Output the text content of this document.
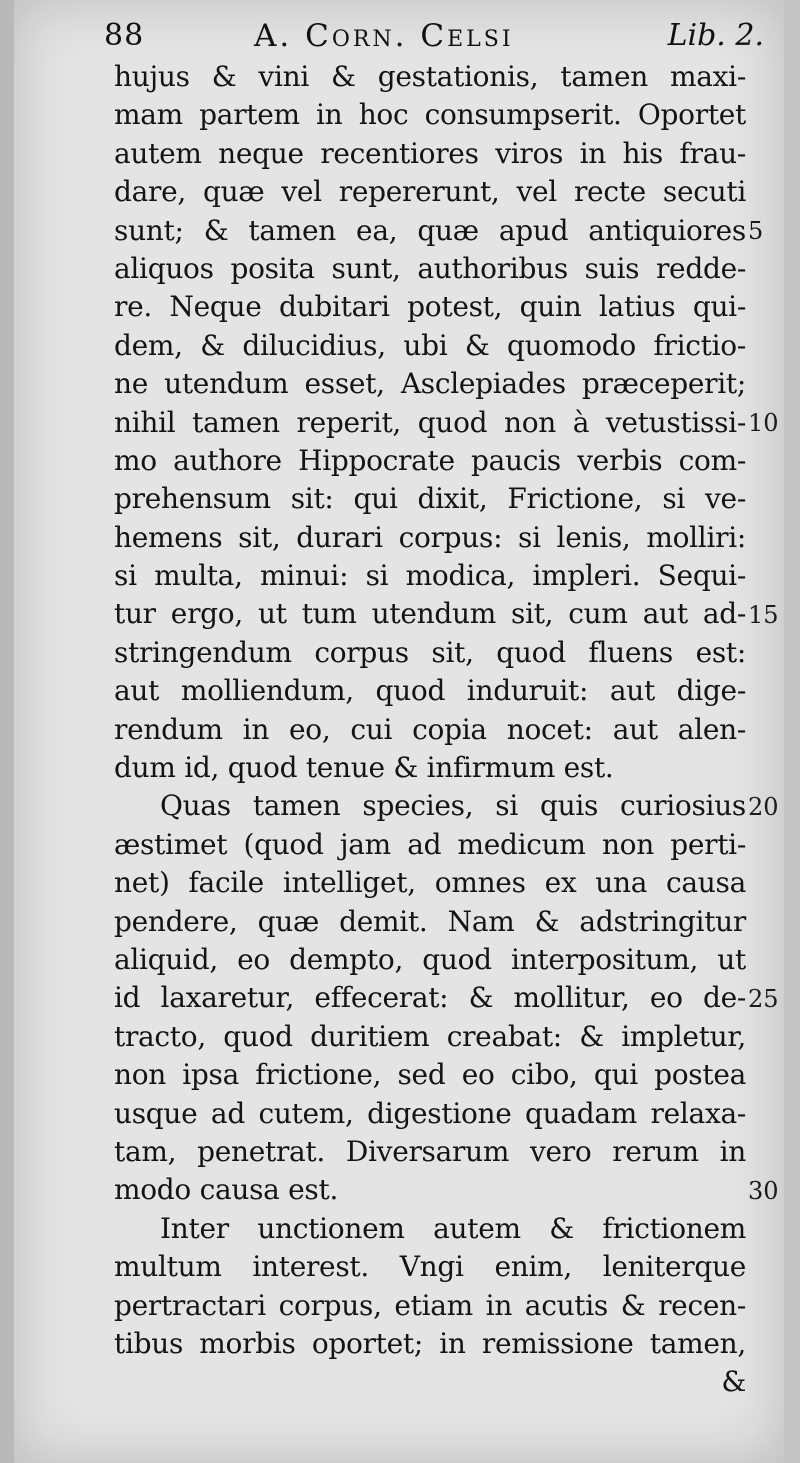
88	A. Corn. Celsi	Lib. 2.
hujus & vini & gestationis, tamen maxi-
mam partem in hoc consumpserit. Oportet
autem neque recentiores viros in his frau-
dare, quæ vel repererunt, vel recte secuti
sunt; & tamen ea, quæ apud antiquiores
aliquos posita sunt, authoribus suis redde-
re. Neque dubitari potest, quin latius qui-
dem, & dilucidius, ubi & quomodo frictio-
ne utendum esset, Asclepiades præceperit;
nihil tamen reperit, quod non à vetustissi-
mo authore Hippocrate paucis verbis com-
prehensum sit: qui dixit, Frictione, si ve-
hemens sit, durari corpus: si lenis, molliri:
si multa, minui: si modica, impleri. Sequi-
tur ergo, ut tum utendum sit, cum aut ad-
stringendum corpus sit, quod fluens est:
aut molliendum, quod induruit: aut dige-
rendum in eo, cui copia nocet: aut alen-
dum id, quod tenue & infirmum est.
Quas tamen species, si quis curiosius
æstimet (quod jam ad medicum non perti-
net) facile intelliget, omnes ex una causa
pendere, quæ demit. Nam & adstringitur
aliquid, eo dempto, quod interpositum, ut
id laxaretur, effecerat: & mollitur, eo de-
tracto, quod duritiem creabat: & impletur,
non ipsa frictione, sed eo cibo, qui postea
usque ad cutem, digestione quadam relaxa-
tam, penetrat. Diversarum vero rerum in
modo causa est.
Inter unctionem autem & frictionem
multum interest. Vngi enim, leniterque
pertractari corpus, etiam in acutis & recen-
tibus morbis oportet; in remissione tamen,
&
5
10
15
20
25
30
